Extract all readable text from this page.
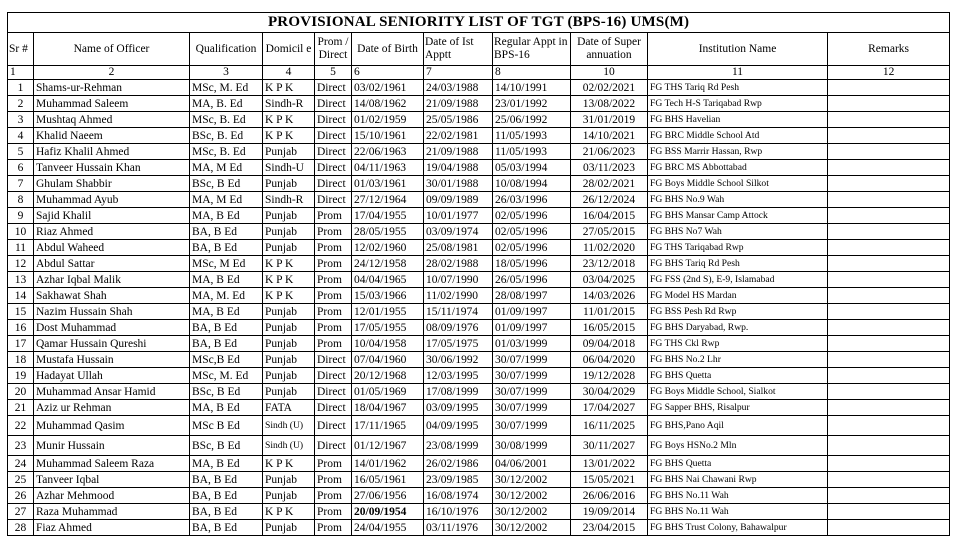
PROVISIONAL SENIORITY LIST OF TGT (BPS-16) UMS(M)										
Sr #	Name of Officer	Qualification	Domicil e	Prom / Direct	Date of Birth	Date of Ist Apptt	Regular Appt in BPS-16	Date of Super annuation	Institution Name	Remarks
1	2	3	4	5	6	7	8	10	11	12
1	Shams-ur-Rehman	MSc, M. Ed	K P K	Direct	03/02/1961	24/03/1988	14/10/1991	02/02/2021	FG THS Tariq Rd Pesh	
2	Muhammad Saleem	MA, B. Ed	Sindh-R	Direct	14/08/1962	21/09/1988	23/01/1992	13/08/2022	FG Tech H-S Tariqabad Rwp	
3	Mushtaq Ahmed	MSc, B. Ed	K P K	Direct	01/02/1959	25/05/1986	25/06/1992	31/01/2019	FG BHS Havelian	
4	Khalid Naeem	BSc, B. Ed	K P K	Direct	15/10/1961	22/02/1981	11/05/1993	14/10/2021	FG BRC Middle School Atd	
5	Hafiz Khalil Ahmed	MSc, B. Ed	Punjab	Direct	22/06/1963	21/09/1988	11/05/1993	21/06/2023	FG BSS Marrir Hassan, Rwp	
6	Tanveer Hussain Khan	MA, M Ed	Sindh-U	Direct	04/11/1963	19/04/1988	05/03/1994	03/11/2023	FG BRC MS Abbottabad	
7	Ghulam Shabbir	BSc, B Ed	Punjab	Direct	01/03/1961	30/01/1988	10/08/1994	28/02/2021	FG Boys Middle School Silkot	
8	Muhammad Ayub	MA, M Ed	Sindh-R	Direct	27/12/1964	09/09/1989	26/03/1996	26/12/2024	FG BHS No.9 Wah	
9	Sajid Khalil	MA, B Ed	Punjab	Prom	17/04/1955	10/01/1977	02/05/1996	16/04/2015	FG BHS Mansar Camp Attock	
10	Riaz Ahmed	BA, B Ed	Punjab	Prom	28/05/1955	03/09/1974	02/05/1996	27/05/2015	FG BHS No7 Wah	
11	Abdul Waheed	BA, B Ed	Punjab	Prom	12/02/1960	25/08/1981	02/05/1996	11/02/2020	FG THS Tariqabad Rwp	
12	Abdul Sattar	MSc, M Ed	K P K	Prom	24/12/1958	28/02/1988	18/05/1996	23/12/2018	FG BHS Tariq Rd Pesh	
13	Azhar Iqbal Malik	MA, B Ed	K P K	Prom	04/04/1965	10/07/1990	26/05/1996	03/04/2025	FG FSS (2nd S), E-9, Islamabad	
14	Sakhawat Shah	MA, M. Ed	K P K	Prom	15/03/1966	11/02/1990	28/08/1997	14/03/2026	FG Model HS Mardan	
15	Nazim Hussain Shah	MA, B Ed	Punjab	Prom	12/01/1955	15/11/1974	01/09/1997	11/01/2015	FG BSS Pesh Rd Rwp	
16	Dost Muhammad	BA, B Ed	Punjab	Prom	17/05/1955	08/09/1976	01/09/1997	16/05/2015	FG BHS Daryabad, Rwp.	
17	Qamar Hussain Qureshi	BA, B Ed	Punjab	Prom	10/04/1958	17/05/1975	01/03/1999	09/04/2018	FG THS Ckl Rwp	
18	Mustafa Hussain	MSc,B Ed	Punjab	Direct	07/04/1960	30/06/1992	30/07/1999	06/04/2020	FG BHS No.2 Lhr	
19	Hadayat Ullah	MSc, M. Ed	Punjab	Direct	20/12/1968	12/03/1995	30/07/1999	19/12/2028	FG BHS Quetta	
20	Muhammad Ansar Hamid	BSc, B Ed	Punjab	Direct	01/05/1969	17/08/1999	30/07/1999	30/04/2029	FG Boys Middle School, Sialkot	
21	Aziz ur Rehman	MA, B Ed	FATA	Direct	18/04/1967	03/09/1995	30/07/1999	17/04/2027	FG Sapper BHS, Risalpur	
22	Muhammad Qasim	MSc B Ed	Sindh (U)	Direct	17/11/1965	04/09/1995	30/07/1999	16/11/2025	FG BHS,Pano Aqil	
23	Munir Hussain	BSc, B Ed	Sindh (U)	Direct	01/12/1967	23/08/1999	30/08/1999	30/11/2027	FG Boys HSNo.2 Mln	
24	Muhammad Saleem Raza	MA, B Ed	K P K	Prom	14/01/1962	26/02/1986	04/06/2001	13/01/2022	FG BHS Quetta	
25	Tanveer Iqbal	BA, B Ed	Punjab	Prom	16/05/1961	23/09/1985	30/12/2002	15/05/2021	FG BHS Nai Chawani Rwp	
26	Azhar Mehmood	BA, B Ed	Punjab	Prom	27/06/1956	16/08/1974	30/12/2002	26/06/2016	FG BHS No.11 Wah	
27	Raza Muhammad	BA, B Ed	K P K	Prom	20/09/1954	16/10/1976	30/12/2002	19/09/2014	FG BHS No.11 Wah	
28	Fiaz Ahmed	BA, B Ed	Punjab	Prom	24/04/1955	03/11/1976	30/12/2002	23/04/2015	FG BHS Trust Colony, Bahawalpur	
